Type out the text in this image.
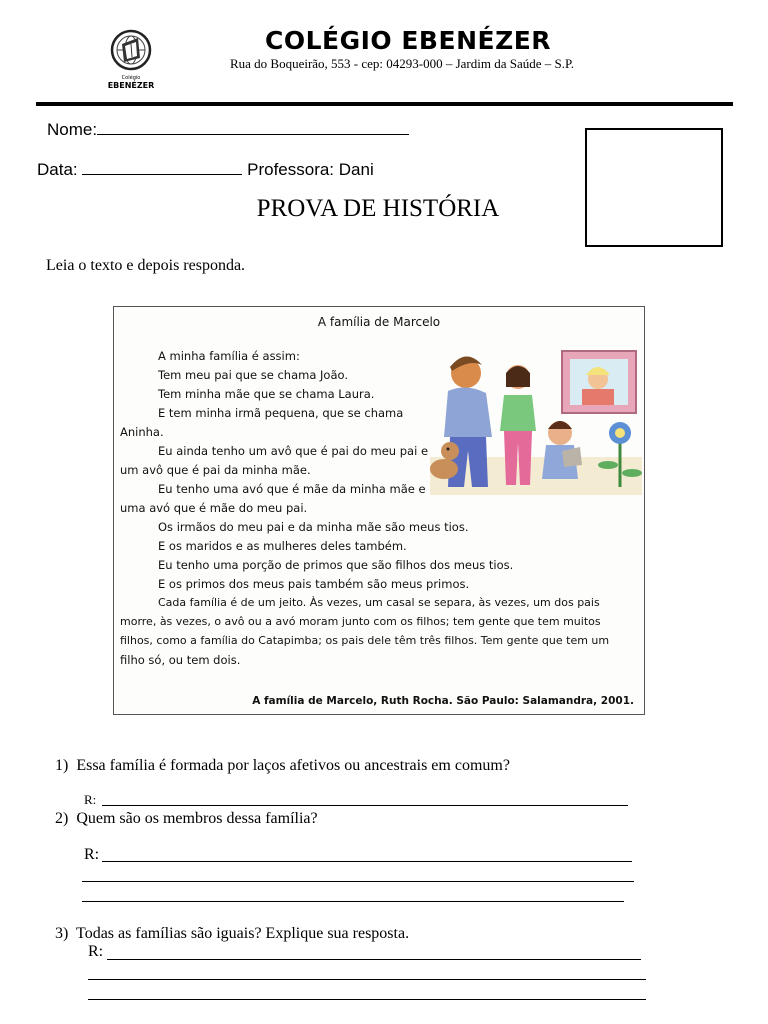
Colégio
EBENÉZER
COLÉGIO EBENÉZER
Rua do Boqueirão, 553 - cep: 04293-000 – Jardim da Saúde – S.P.
Nome:
Data:	Professora: Dani
PROVA DE HISTÓRIA
Leia o texto e depois responda.
A família de Marcelo
A minha família é assim:
Tem meu pai que se chama João.
Tem minha mãe que se chama Laura.
E tem minha irmã pequena, que se chama
Aninha.
Eu ainda tenho um avô que é pai do meu pai e
um avô que é pai da minha mãe.
Eu tenho uma avó que é mãe da minha mãe e
uma avó que é mãe do meu pai.
Os irmãos do meu pai e da minha mãe são meus tios.
E os maridos e as mulheres deles também.
Eu tenho uma porção de primos que são filhos dos meus tios.
E os primos dos meus pais também são meus primos.
Cada família é de um jeito. Às vezes, um casal se separa, às vezes, um dos pais
morre, às vezes, o avô ou a avó moram junto com os filhos; tem gente que tem muitos
filhos, como a família do Catapimba; os pais dele têm três filhos. Tem gente que tem um
filho só, ou tem dois.
A família de Marcelo, Ruth Rocha. São Paulo: Salamandra, 2001.
1) Essa família é formada por laços afetivos ou ancestrais em comum?
R:
2) Quem são os membros dessa família?
R:
3) Todas as famílias são iguais? Explique sua resposta.
R:
